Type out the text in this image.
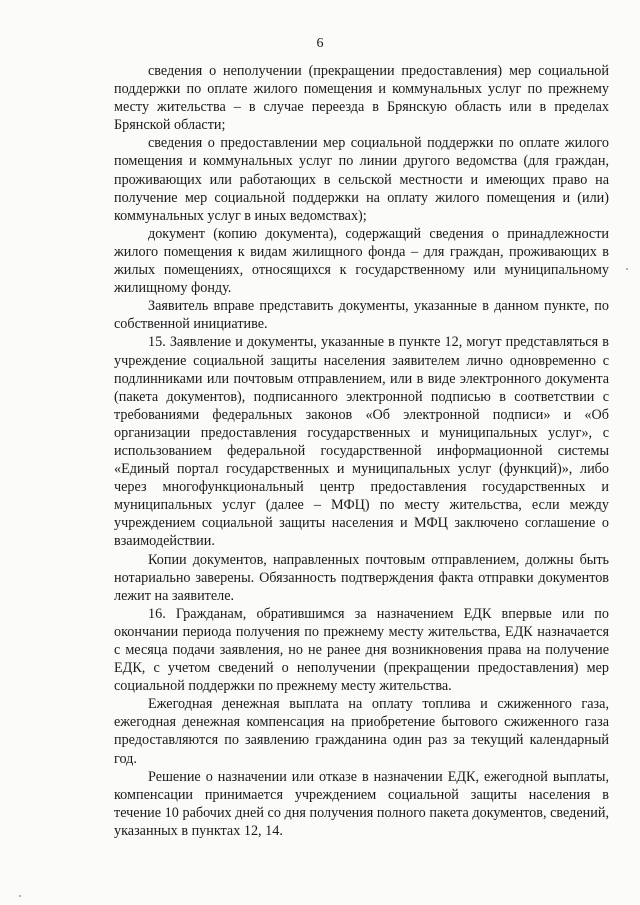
6

сведения о неполучении (прекращении предоставления) мер социальной поддержки по оплате жилого помещения и коммунальных услуг по прежнему месту жительства – в случае переезда в Брянскую область или в пределах Брянской области;

сведения о предоставлении мер социальной поддержки по оплате жилого помещения и коммунальных услуг по линии другого ведомства (для граждан, проживающих или работающих в сельской местности и имеющих право на получение мер социальной поддержки на оплату жилого помещения и (или) коммунальных услуг в иных ведомствах);

документ (копию документа), содержащий сведения о принадлежности жилого помещения к видам жилищного фонда – для граждан, проживающих в жилых помещениях, относящихся к государственному или муниципальному жилищному фонду.

Заявитель вправе представить документы, указанные в данном пункте, по собственной инициативе.

15. Заявление и документы, указанные в пункте 12, могут представляться в учреждение социальной защиты населения заявителем лично одновременно с подлинниками или почтовым отправлением, или в виде электронного документа (пакета документов), подписанного электронной подписью в соответствии с требованиями федеральных законов «Об электронной подписи» и «Об организации предоставления государственных и муниципальных услуг», с использованием федеральной государственной информационной системы «Единый портал государственных и муниципальных услуг (функций)», либо через многофункциональный центр предоставления государственных и муниципальных услуг (далее – МФЦ) по месту жительства, если между учреждением социальной защиты населения и МФЦ заключено соглашение о взаимодействии.

Копии документов, направленных почтовым отправлением, должны быть нотариально заверены. Обязанность подтверждения факта отправки документов лежит на заявителе.

16. Гражданам, обратившимся за назначением ЕДК впервые или по окончании периода получения по прежнему месту жительства, ЕДК назначается с месяца подачи заявления, но не ранее дня возникновения права на получение ЕДК, с учетом сведений о неполучении (прекращении предоставления) мер социальной поддержки по прежнему месту жительства.

Ежегодная денежная выплата на оплату топлива и сжиженного газа, ежегодная денежная компенсация на приобретение бытового сжиженного газа предоставляются по заявлению гражданина один раз за текущий календарный год.

Решение о назначении или отказе в назначении ЕДК, ежегодной выплаты, компенсации принимается учреждением социальной защиты населения в течение 10 рабочих дней со дня получения полного пакета документов, сведений, указанных в пунктах 12, 14.
